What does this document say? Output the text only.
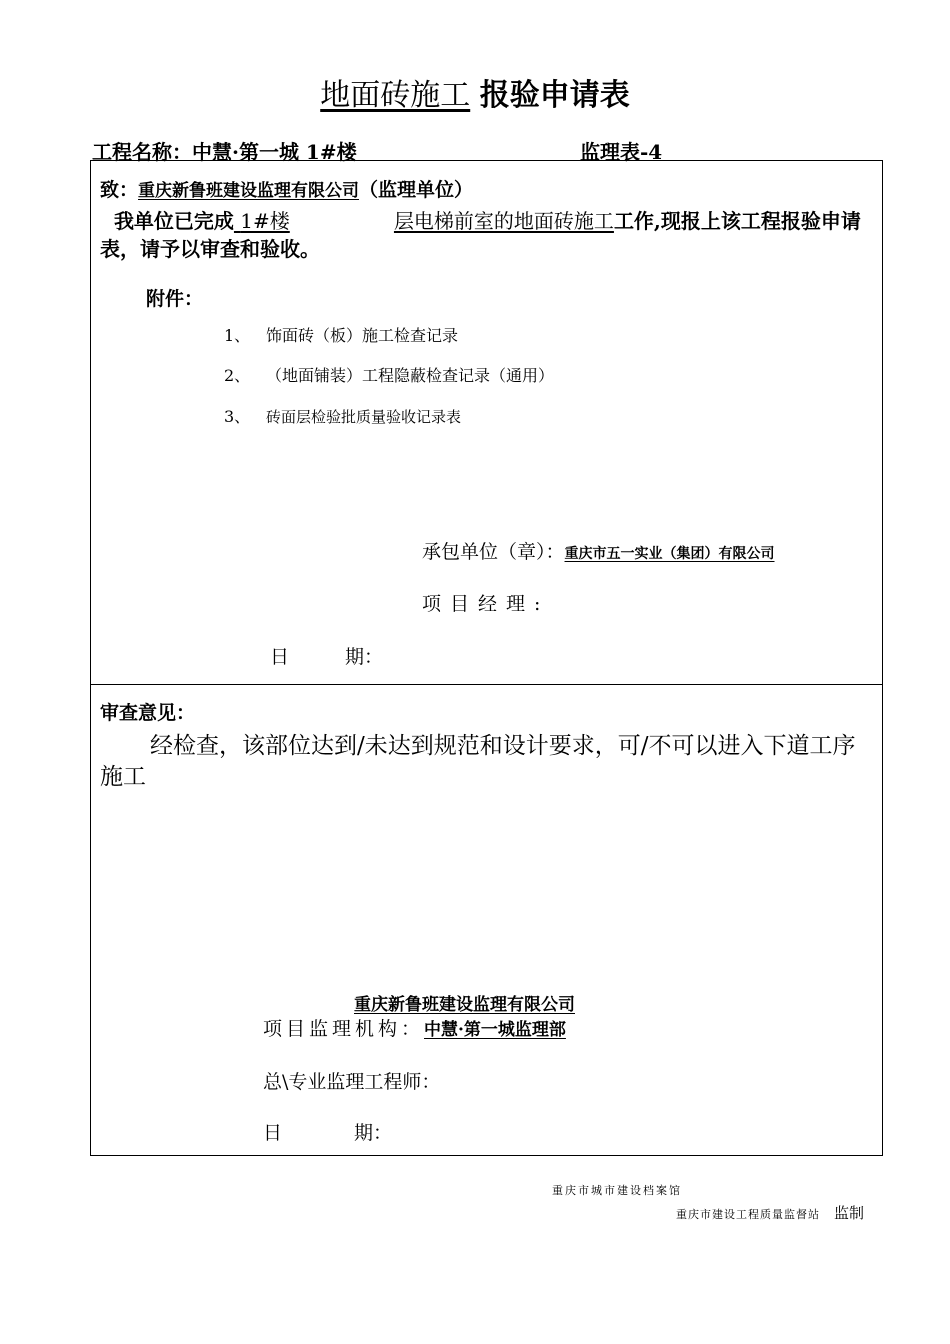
地面砖施工 报验申请表
工程名称：中慧·第一城 1#楼	监理表-4
致：重庆新鲁班建设监理有限公司（监理单位）
我单位已完成 1#楼	层电梯前室的地面砖施工工作,现报上该工程报验申请表，请予以审查和验收。
附件：
1、 饰面砖（板）施工检查记录
2、 （地面铺装）工程隐蔽检查记录（通用）
3、 砖面层检验批质量验收记录表
承包单位（章）：重庆市五一实业（集团）有限公司
项目经理:
日	期：
审查意见：
经检查，该部位达到/未达到规范和设计要求，可/不可以进入下道工序施工
重庆新鲁班建设监理有限公司
项目监理机构：中慧·第一城监理部
总\专业监理工程师：
日	期：
重庆市城市建设档案馆
重庆市建设工程质量监督站 监制
